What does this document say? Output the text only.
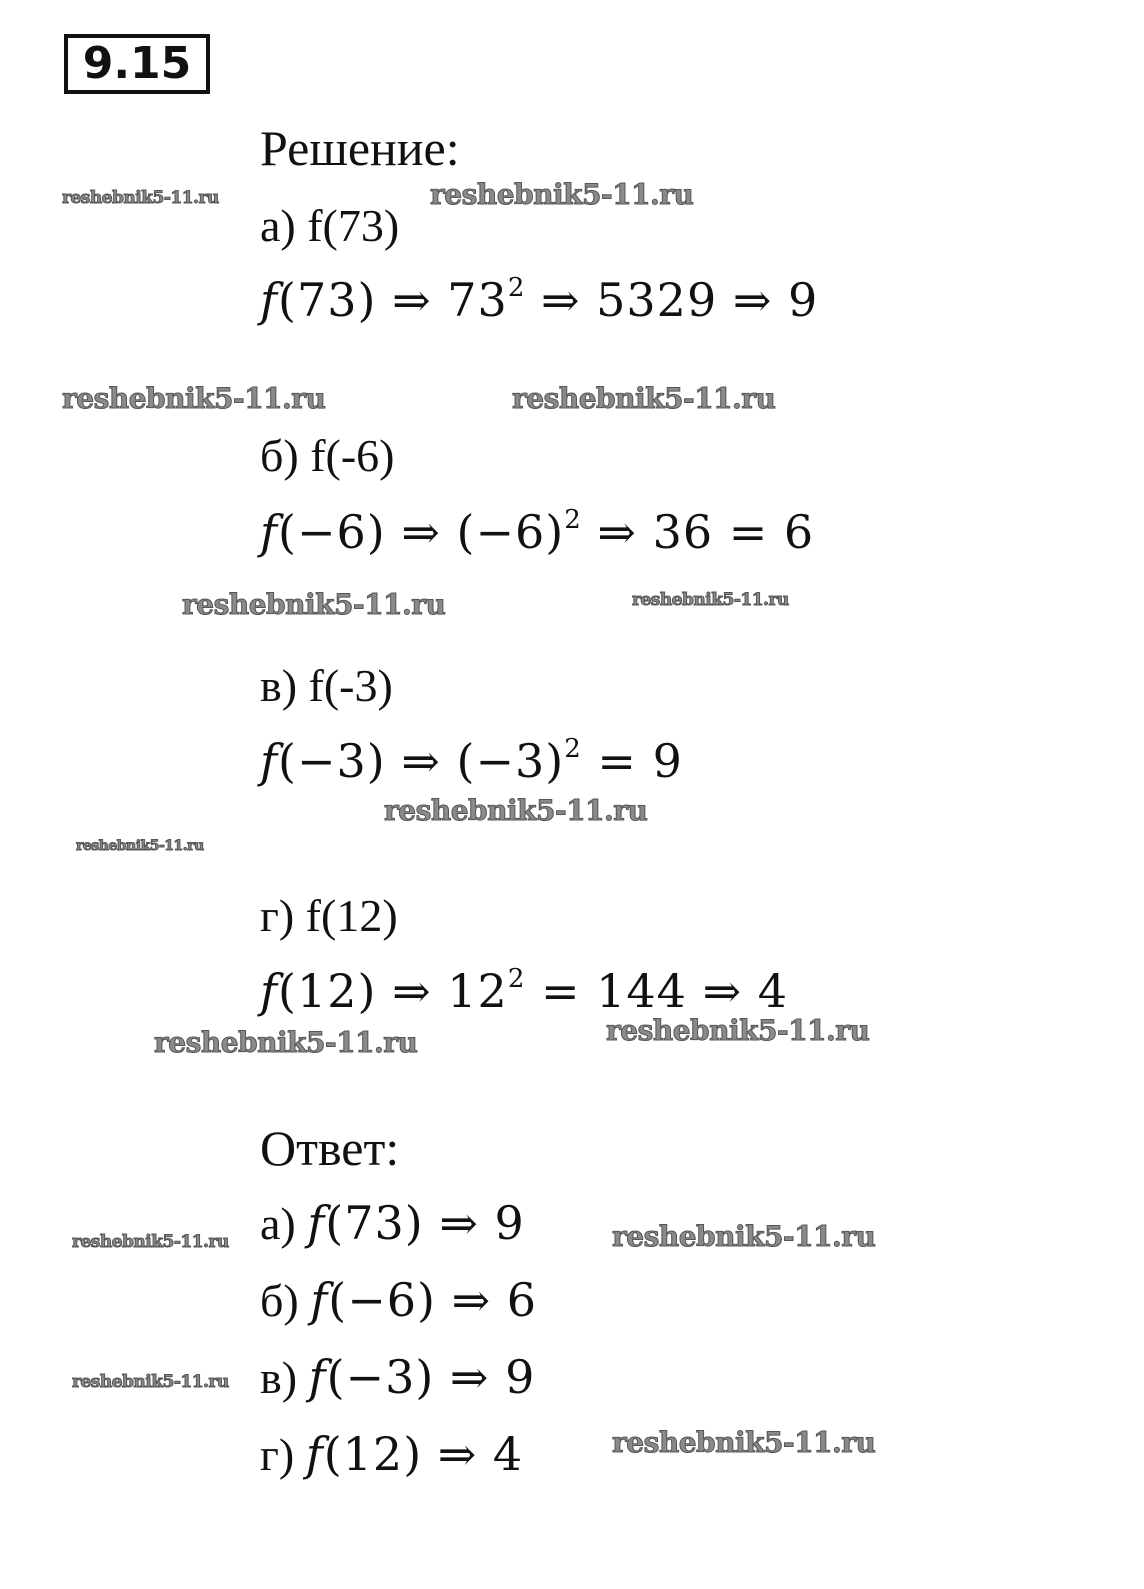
9.15
Решение:
а) f(73)
f(73) ⇒ $73^2$ ⇒ 5329 ⇒ 9
б) f(-6)
f(−6) ⇒ $(-6)^2$ ⇒ 36 = 6
в) f(-3)
f(−3) ⇒ $(-3)^2 = 9$
г) f(12)
f(12) ⇒ $12^2 = 144$ ⇒ 4
Ответ:
а) f(73) ⇒ 9
б) f(−6) ⇒ 6
в) f(−3) ⇒ 9
г) f(12) ⇒ 4
reshebnik5-11.ru	reshebnik5-11.ru
reshebnik5-11.ru	reshebnik5-11.ru
reshebnik5-11.ru	reshebnik5-11.ru
reshebnik5-11.ru
reshebnik5-11.ru
reshebnik5-11.ru
reshebnik5-11.ru
reshebnik5-11.ru	reshebnik5-11.ru
reshebnik5-11.ru
reshebnik5-11.ru
